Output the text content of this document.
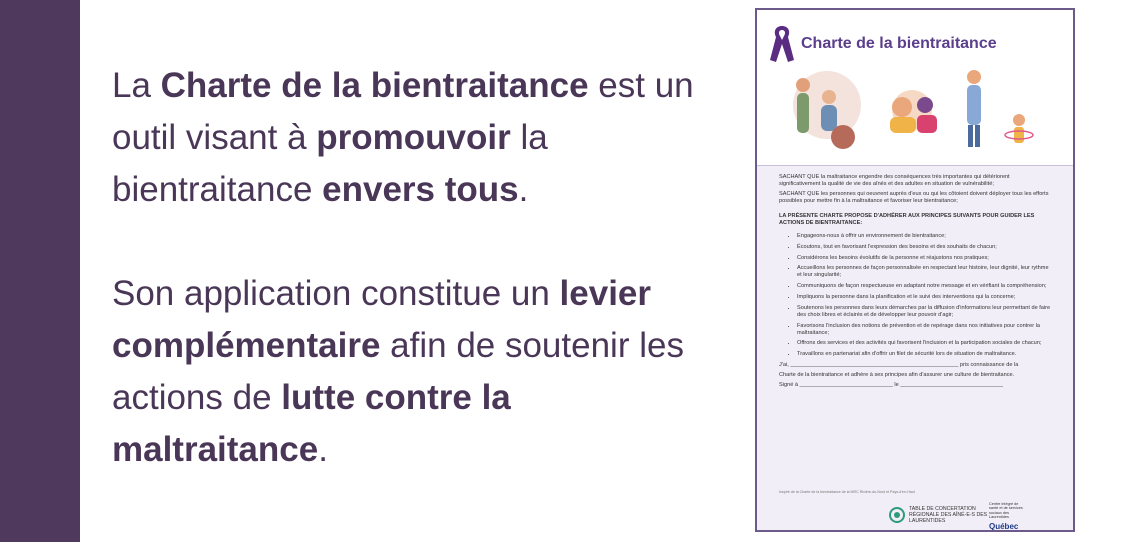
La Charte de la bientraitance est un outil visant à promouvoir la bientraitance envers tous.

Son application constitue un levier complémentaire afin de soutenir les actions de lutte contre la maltraitance.

Charte de la bientraitance

SACHANT QUE la maltraitance engendre des conséquences très importantes qui détériorent significativement la qualité de vie des aînés et des adultes en situation de vulnérabilité;

SACHANT QUE les personnes qui oeuvrent auprès d'eux ou qui les côtoient doivent déployer tous les efforts possibles pour mettre fin à la maltraitance et favoriser leur bientraitance;

LA PRÉSENTE CHARTE PROPOSE D'ADHÉRER AUX PRINCIPES SUIVANTS POUR GUIDER LES ACTIONS DE BIENTRAITANCE:

• Engageons-nous à offrir un environnement de bientraitance;
• Écoutons, tout en favorisant l'expression des besoins et des souhaits de chacun;
• Considérons les besoins évolutifs de la personne et réajustons nos pratiques;
• Accueillons les personnes de façon personnalisée en respectant leur histoire, leur dignité, leur rythme et leur singularité;
• Communiquons de façon respectueuse en adaptant notre message et en vérifiant la compréhension;
• Impliquons la personne dans la planification et le suivi des interventions qui la concerne;
• Soutenons les personnes dans leurs démarches par la diffusion d'informations leur permettant de faire des choix libres et éclairés et de développer leur pouvoir d'agir;
• Favorisons l'inclusion des notions de prévention et de repérage dans nos initiatives pour contrer la maltraitance;
• Offrons des services et des activités qui favorisent l'inclusion et la participation sociales de chacun;
• Travaillons en partenariat afin d'offrir un filet de sécurité lors de situation de maltraitance.

J'ai, ______________________________________________________ pris connaissance de la

Charte de la bientraitance et adhère à ses principes afin d'assurer une culture de bientraitance.

Signé à ______________________________ le _________________________________

Inspiré de la Charte de la bientraitance de la MRC Rivière-du-Nord et Pays-d'en-Haut
TABLE DE CONCERTATION RÉGIONALE DES AÎNÉ-E-S DES LAURENTIDES
Centre intégré de santé et de services sociaux des Laurentides
Québec
